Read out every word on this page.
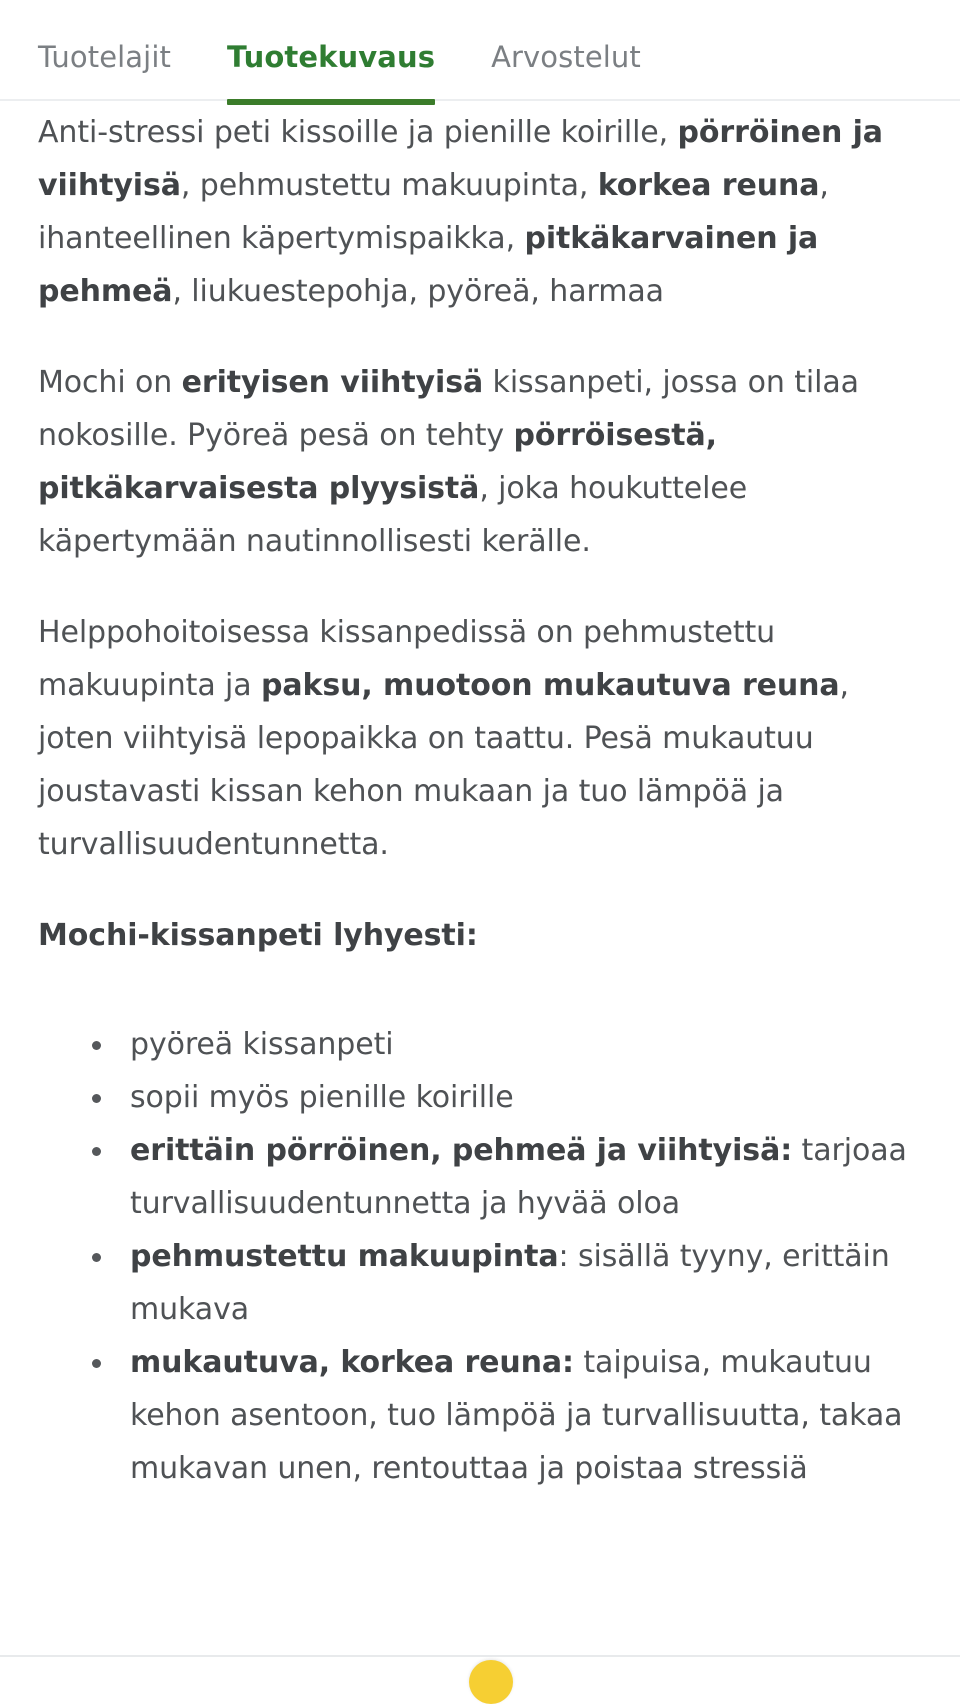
Tuotelajit	Tuotekuvaus	Arvostelut

Anti-stressi peti kissoille ja pienille koirille, pörröinen ja viihtyisä, pehmustettu makuupinta, korkea reuna, ihanteellinen käpertymispaikka, pitkäkarvainen ja pehmeä, liukuestepohja, pyöreä, harmaa

Mochi on erityisen viihtyisä kissanpeti, jossa on tilaa nokosille. Pyöreä pesä on tehty pörröisestä, pitkäkarvaisesta plyysistä, joka houkuttelee käpertymään nautinnollisesti kerälle.

Helppohoitoisessa kissanpedissä on pehmustettu makuupinta ja paksu, muotoon mukautuva reuna, joten viihtyisä lepopaikka on taattu. Pesä mukautuu joustavasti kissan kehon mukaan ja tuo lämpöä ja turvallisuudentunnetta.

Mochi-kissanpeti lyhyesti:
pyöreä kissanpeti
sopii myös pienille koirille
erittäin pörröinen, pehmeä ja viihtyisä: tarjoaa turvallisuudentunnetta ja hyvää oloa
pehmustettu makuupinta: sisällä tyyny, erittäin mukava
mukautuva, korkea reuna: taipuisa, mukautuu kehon asentoon, tuo lämpöä ja turvallisuutta, takaa mukavan unen, rentouttaa ja poistaa stressiä
